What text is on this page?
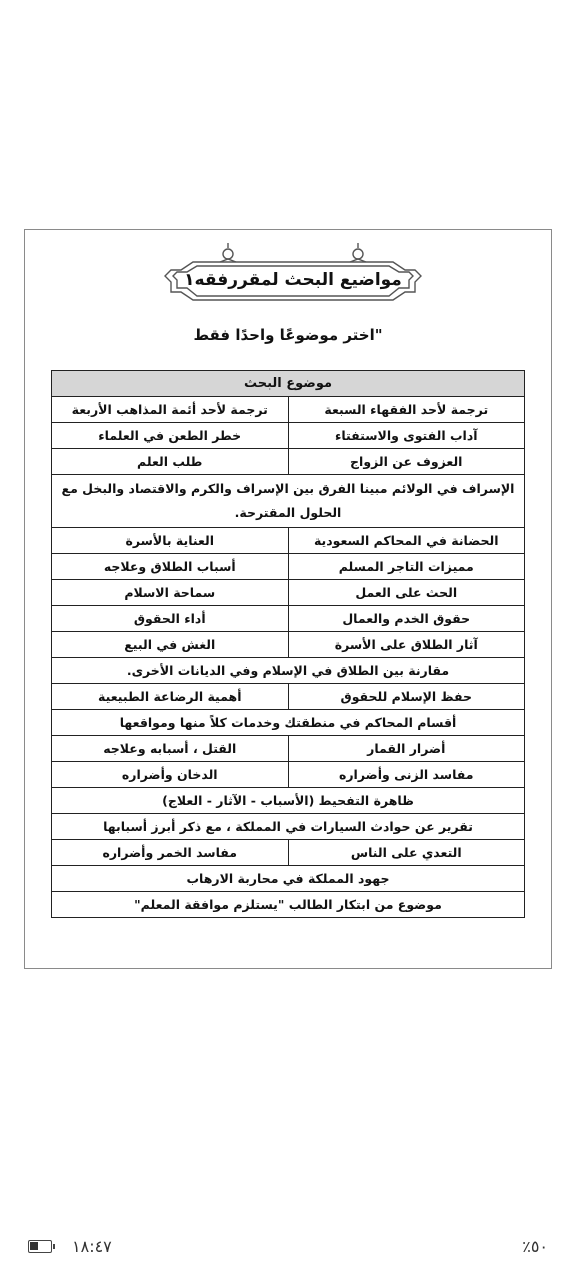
مواضيع البحث لمقررفقه١
"اختر موضوعًا واحدًا فقط
موضوع البحث	
ترجمة لأحد الفقهاء السبعة	ترجمة لأحد أئمة المذاهب الأربعة
آداب الفتوى والاستفتاء	خطر الطعن في العلماء
العزوف عن الزواج	طلب العلم
الإسراف في الولائم مبينا الفرق بين الإسراف والكرم والاقتصاد والبخل مع الحلول المقترحة.	
الحضانة في المحاكم السعودية	العناية بالأسرة
مميزات التاجر المسلم	أسباب الطلاق وعلاجه
الحث على العمل	سماحة الاسلام
حقوق الخدم والعمال	أداء الحقوق
آثار الطلاق على الأسرة	الغش في البيع
مقارنة بين الطلاق في الإسلام وفي الديانات الأخرى.	
حفظ الإسلام للحقوق	أهمية الرضاعة الطبيعية
أقسام المحاكم في منطقتك وخدمات كلاً منها ومواقعها	
أضرار القمار	القتل ، أسبابه وعلاجه
مفاسد الزنى وأضراره	الدخان وأضراره
ظاهرة التفحيط (الأسباب - الآثار - العلاج)	
تقرير عن حوادث السيارات في المملكة ، مع ذكر أبرز أسبابها	
التعدي على الناس	مفاسد الخمر وأضراره
جهود المملكة في محاربة الارهاب	
موضوع من ابتكار الطالب "يستلزم موافقة المعلم"	
١٨:٤٧	٪٥٠
